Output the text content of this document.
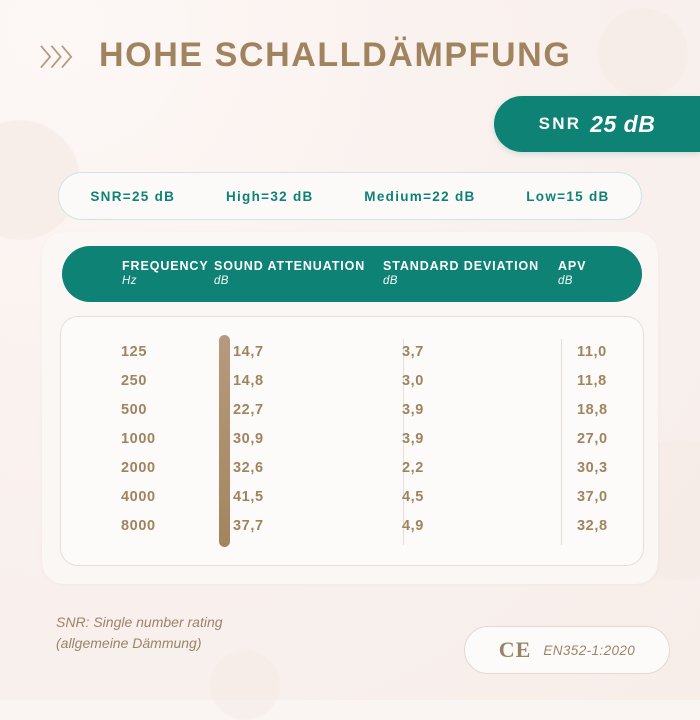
〉〉〉 HOHE SCHALLDÄMPFUNG
SNR 25 dB
SNR=25 dB	High=32 dB	Medium=22 dB	Low=15 dB
FREQUENCY
Hz
SOUND ATTENUATION
dB
STANDARD DEVIATION
dB
APV
dB
125	14,7	3,7	11,0
250	14,8	3,0	11,8
500	22,7	3,9	18,8
1000	30,9	3,9	27,0
2000	32,6	2,2	30,3
4000	41,5	4,5	37,0
8000	37,7	4,9	32,8
SNR: Single number rating
(allgemeine Dämmung)	CE EN352-1:2020
